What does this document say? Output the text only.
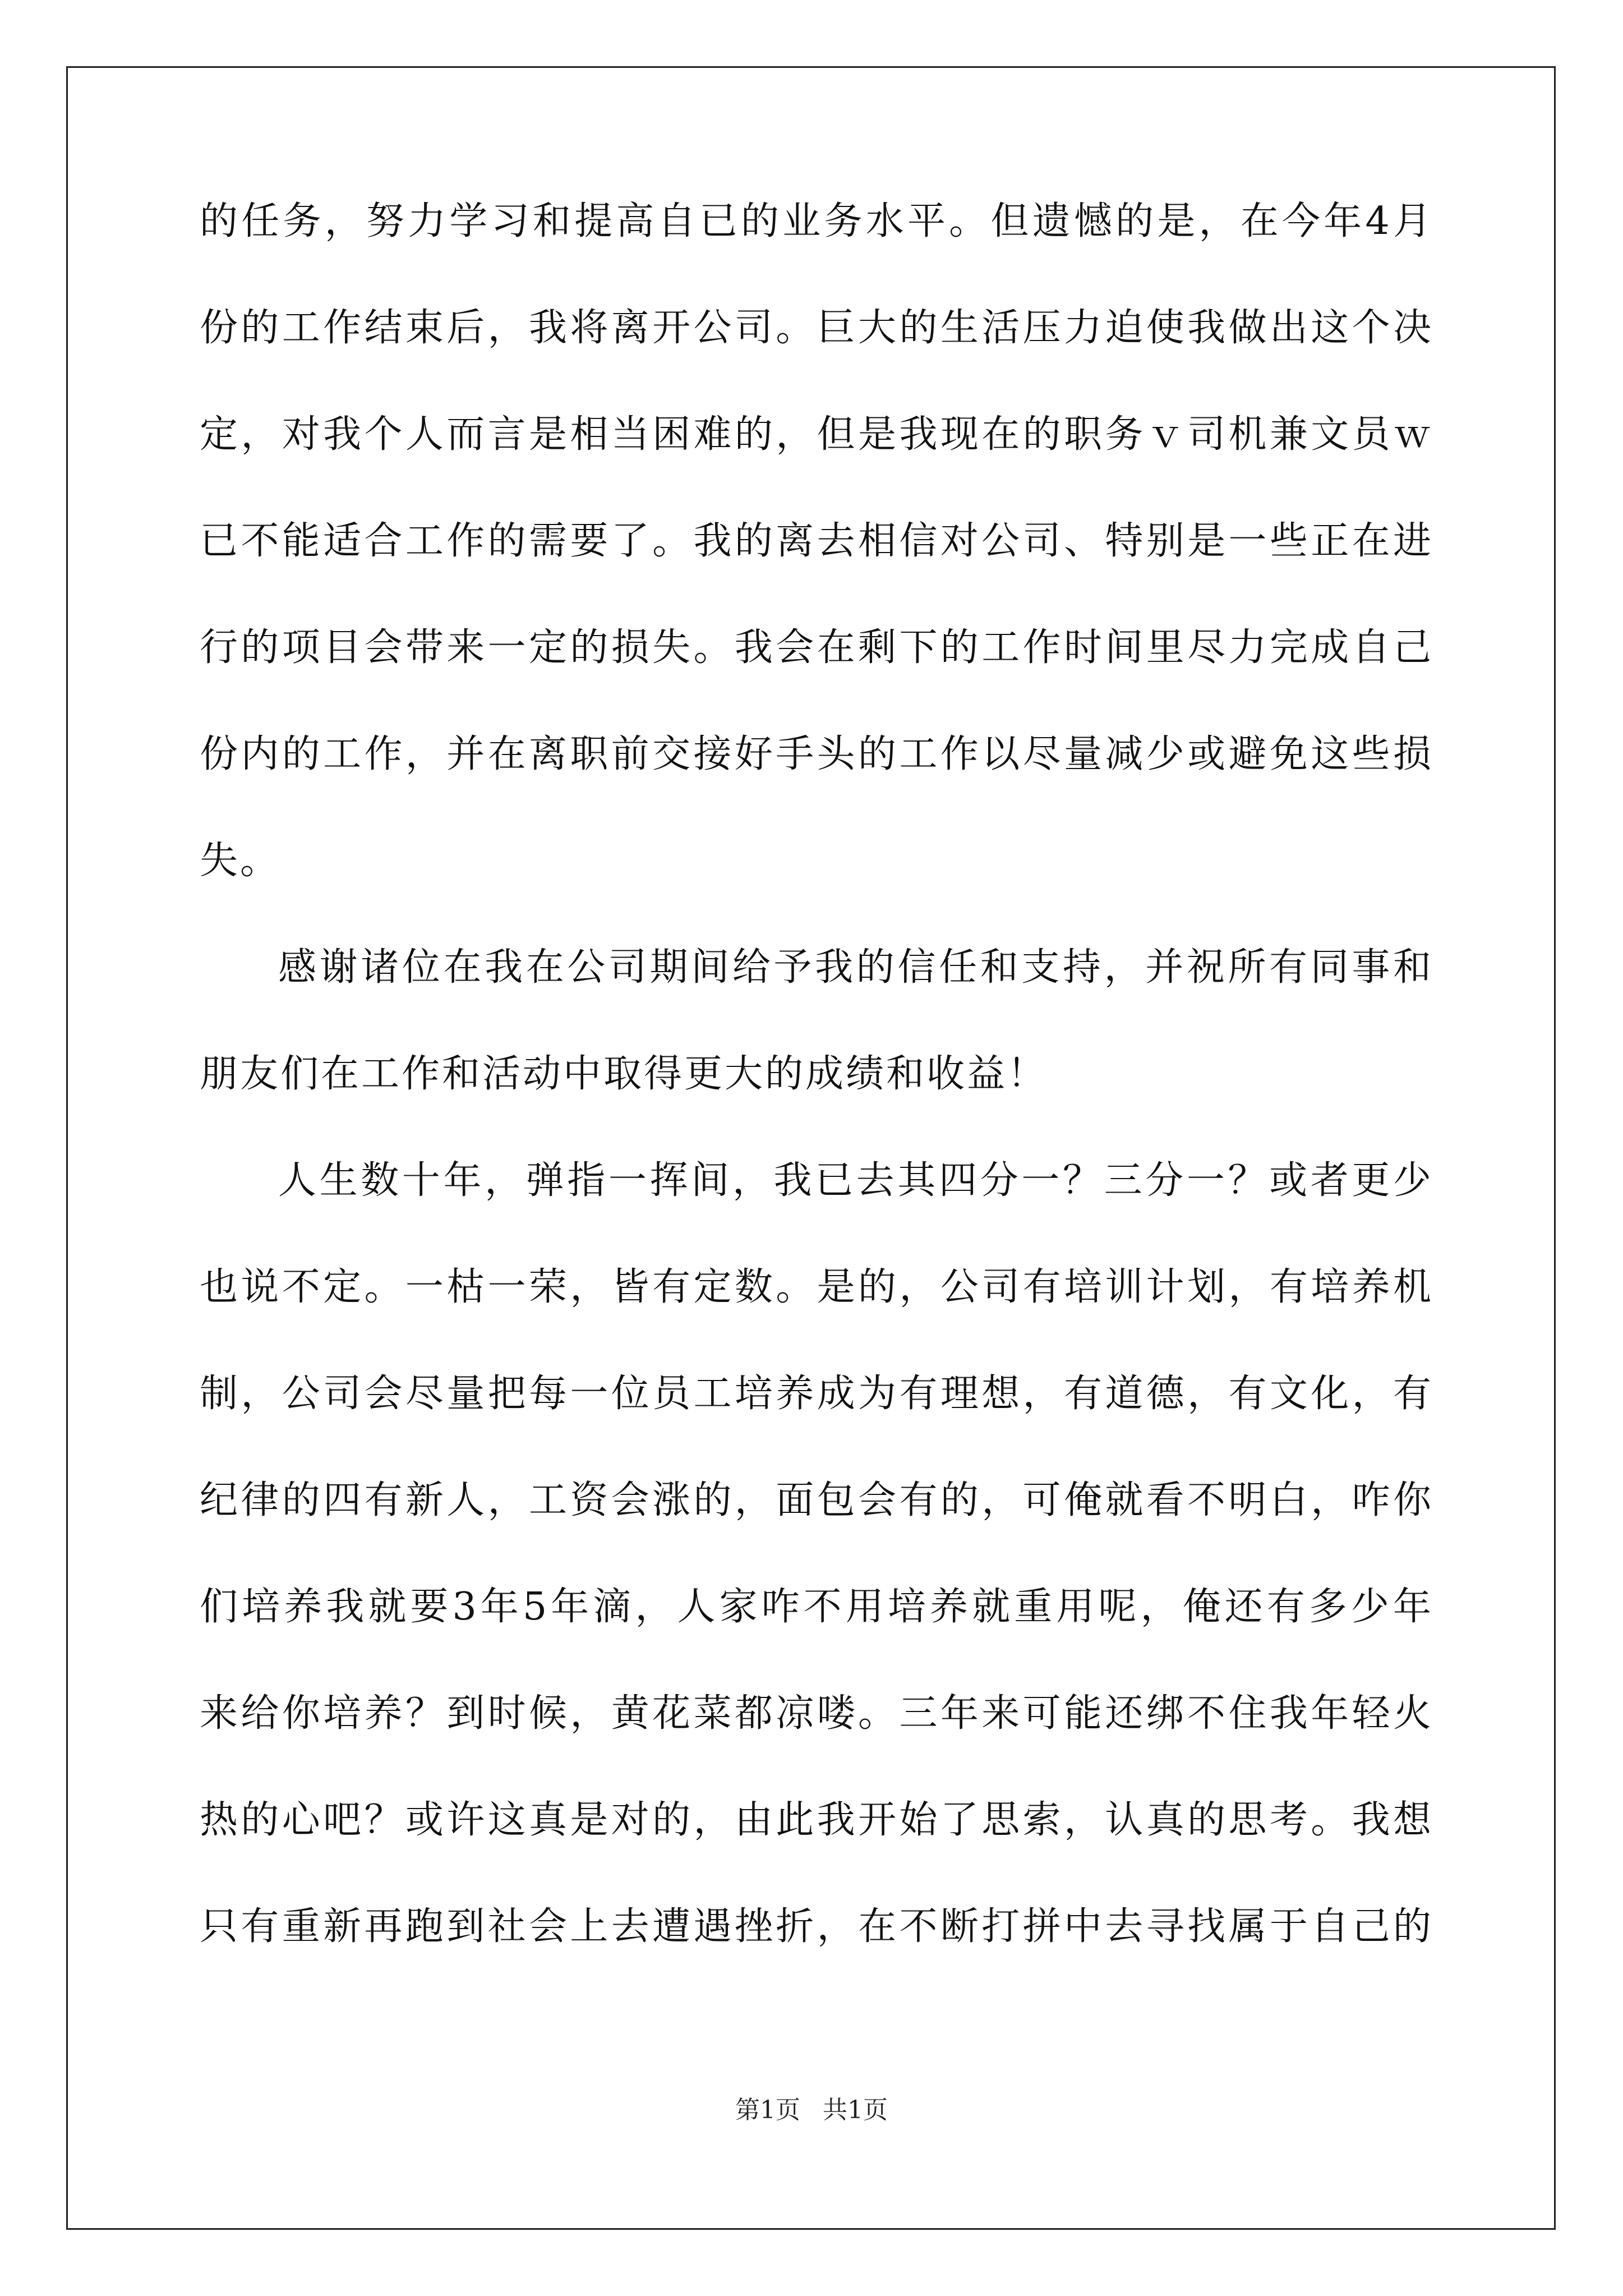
的任务，努力学习和提高自已的业务水平。但遗憾的是，在今年4月
份的工作结束后，我将离开公司。巨大的生活压力迫使我做出这个决
定，对我个人而言是相当困难的，但是我现在的职务ｖ司机兼文员ｗ
已不能适合工作的需要了。我的离去相信对公司、特别是一些正在进
行的项目会带来一定的损失。我会在剩下的工作时间里尽力完成自己
份内的工作，并在离职前交接好手头的工作以尽量减少或避免这些损
失。
感谢诸位在我在公司期间给予我的信任和支持，并祝所有同事和
朋友们在工作和活动中取得更大的成绩和收益！
人生数十年，弹指一挥间，我已去其四分一？三分一？或者更少
也说不定。一枯一荣，皆有定数。是的，公司有培训计划，有培养机
制，公司会尽量把每一位员工培养成为有理想，有道德，有文化，有
纪律的四有新人，工资会涨的，面包会有的，可俺就看不明白，咋你
们培养我就要3年5年滴，人家咋不用培养就重用呢，俺还有多少年
来给你培养？到时候，黄花菜都凉喽。三年来可能还绑不住我年轻火
热的心吧？或许这真是对的，由此我开始了思索，认真的思考。我想
只有重新再跑到社会上去遭遇挫折，在不断打拼中去寻找属于自己的
第1页 共1页
